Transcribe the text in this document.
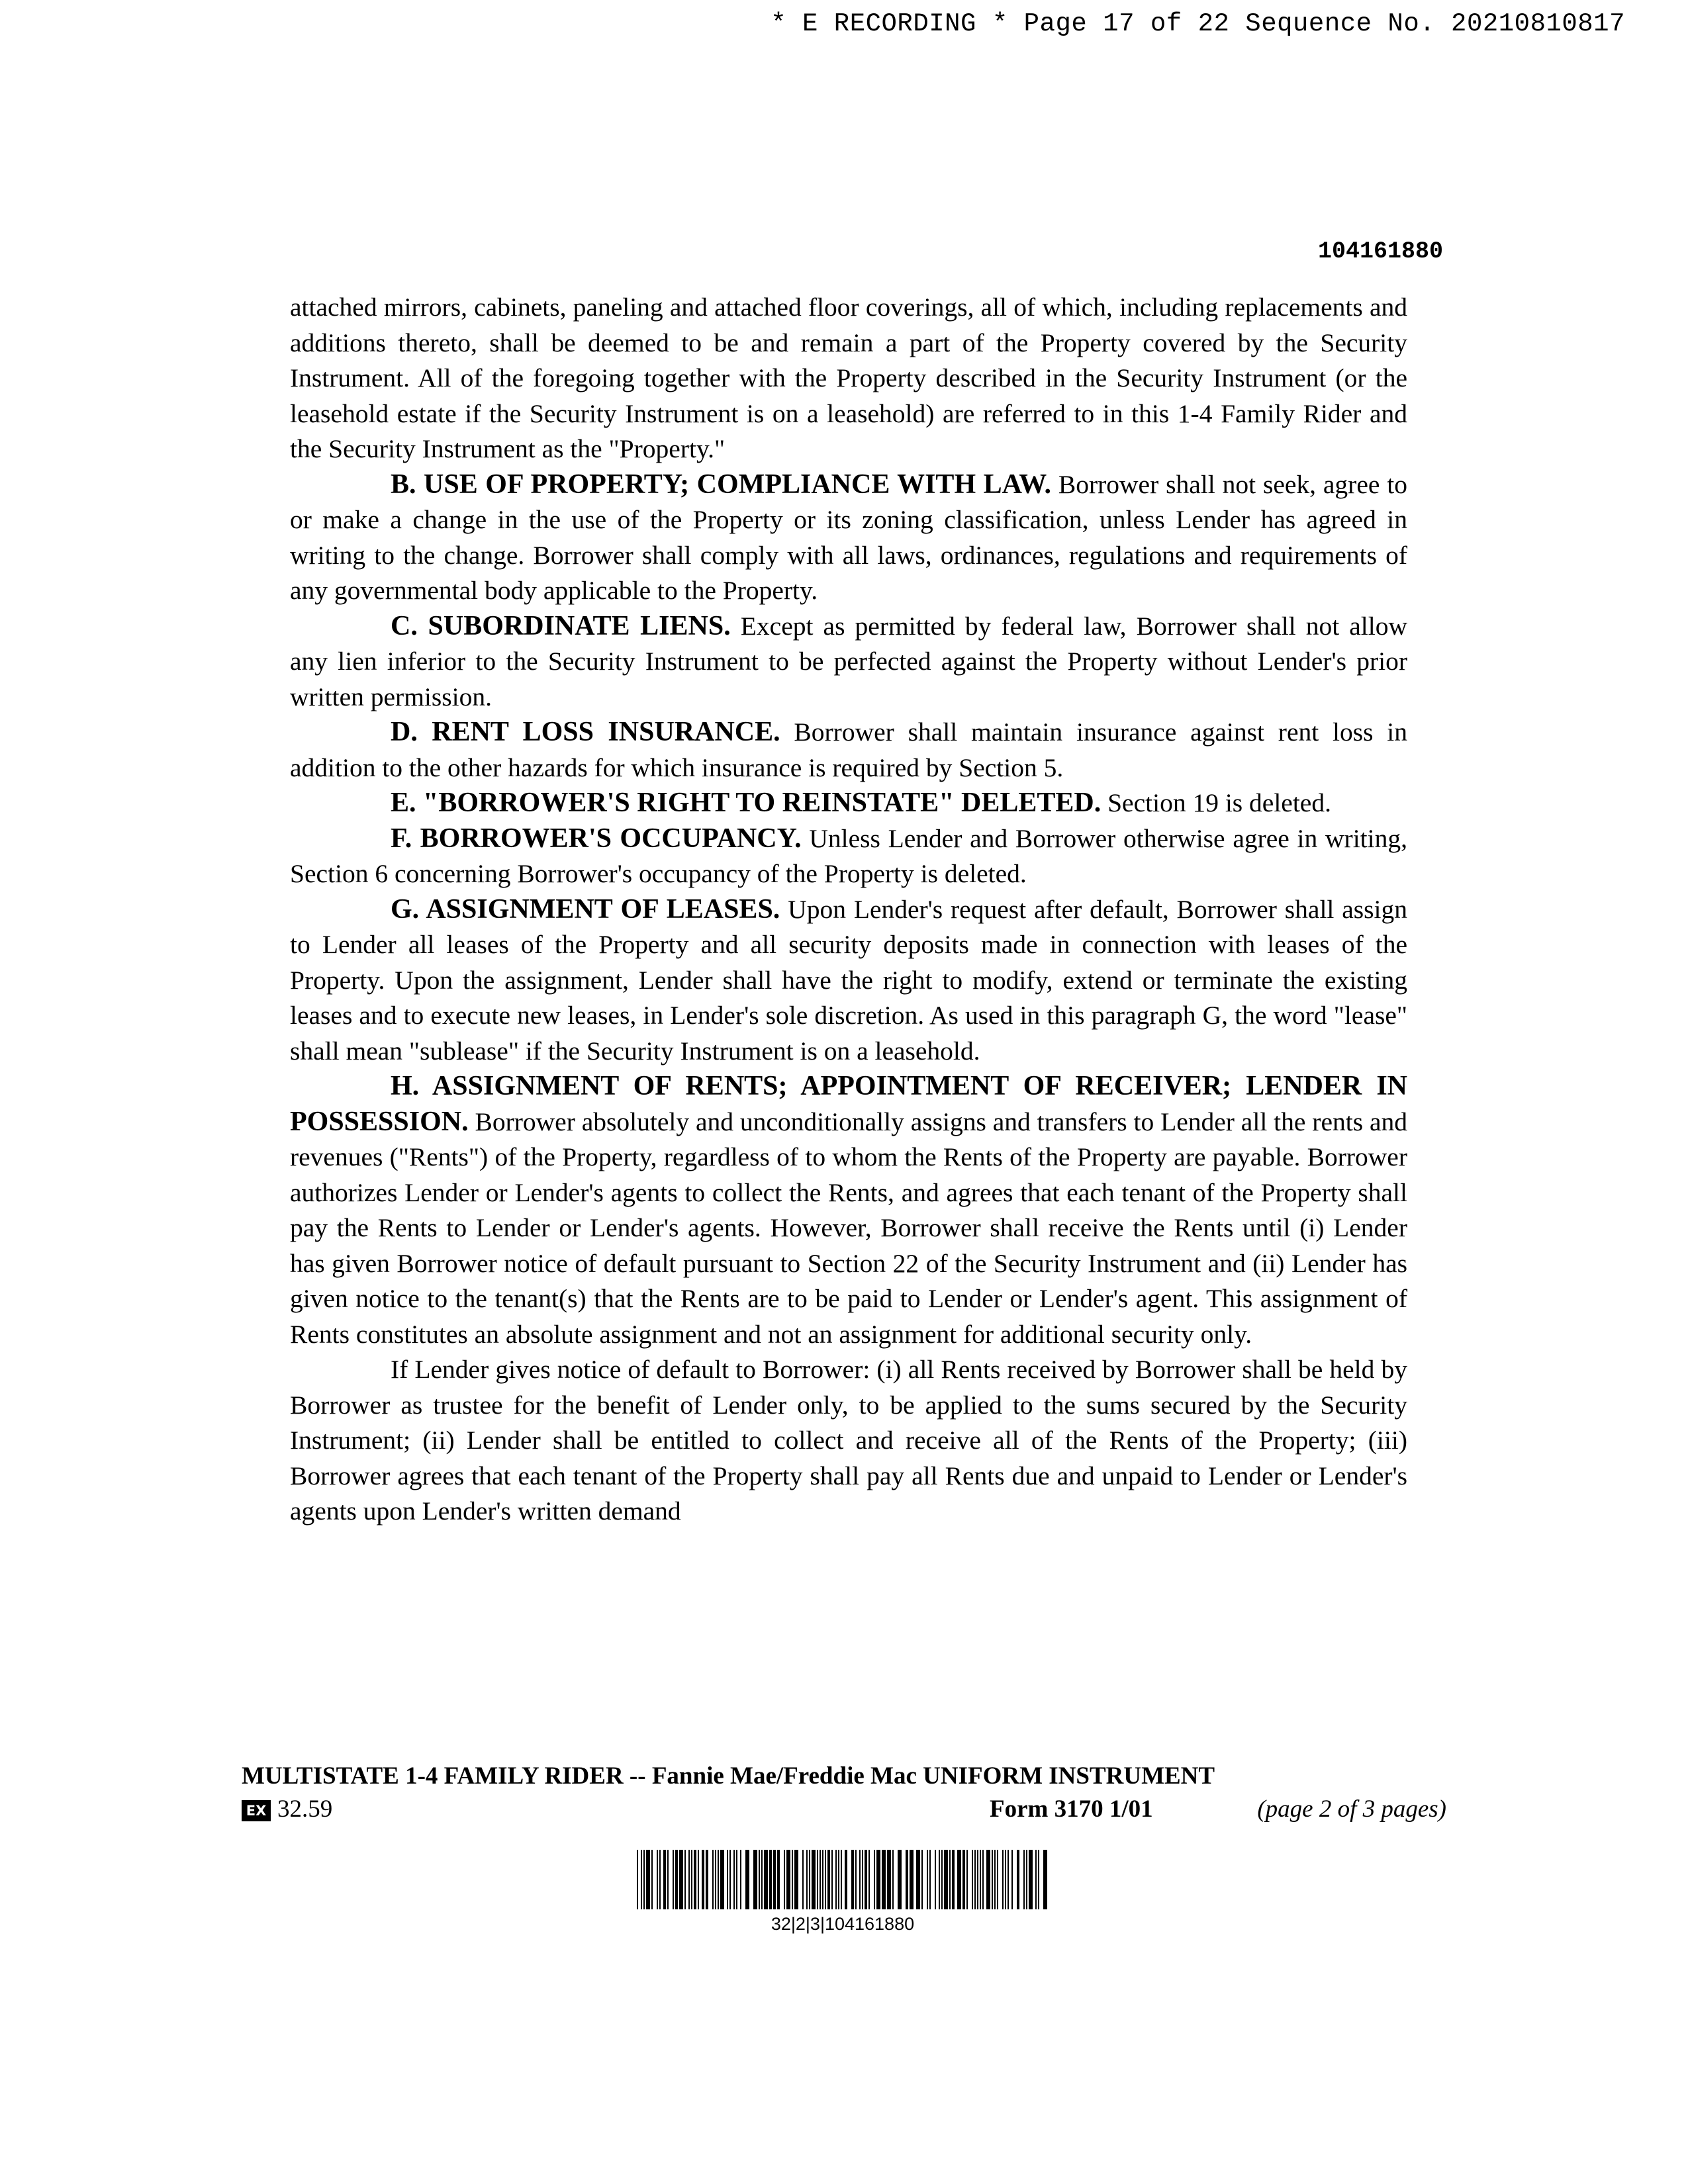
* E RECORDING * Page 17 of 22 Sequence No. 20210810817
104161880

attached mirrors, cabinets, paneling and attached floor coverings, all of which, including replacements and additions thereto, shall be deemed to be and remain a part of the Property covered by the Security Instrument. All of the foregoing together with the Property described in the Security Instrument (or the leasehold estate if the Security Instrument is on a leasehold) are referred to in this 1-4 Family Rider and the Security Instrument as the "Property."

B. USE OF PROPERTY; COMPLIANCE WITH LAW. Borrower shall not seek, agree to or make a change in the use of the Property or its zoning classification, unless Lender has agreed in writing to the change. Borrower shall comply with all laws, ordinances, regulations and requirements of any governmental body applicable to the Property.

C. SUBORDINATE LIENS. Except as permitted by federal law, Borrower shall not allow any lien inferior to the Security Instrument to be perfected against the Property without Lender's prior written permission.

D. RENT LOSS INSURANCE. Borrower shall maintain insurance against rent loss in addition to the other hazards for which insurance is required by Section 5.

E. "BORROWER'S RIGHT TO REINSTATE" DELETED. Section 19 is deleted.

F. BORROWER'S OCCUPANCY. Unless Lender and Borrower otherwise agree in writing, Section 6 concerning Borrower's occupancy of the Property is deleted.

G. ASSIGNMENT OF LEASES. Upon Lender's request after default, Borrower shall assign to Lender all leases of the Property and all security deposits made in connection with leases of the Property. Upon the assignment, Lender shall have the right to modify, extend or terminate the existing leases and to execute new leases, in Lender's sole discretion. As used in this paragraph G, the word "lease" shall mean "sublease" if the Security Instrument is on a leasehold.

H. ASSIGNMENT OF RENTS; APPOINTMENT OF RECEIVER; LENDER IN POSSESSION. Borrower absolutely and unconditionally assigns and transfers to Lender all the rents and revenues ("Rents") of the Property, regardless of to whom the Rents of the Property are payable. Borrower authorizes Lender or Lender's agents to collect the Rents, and agrees that each tenant of the Property shall pay the Rents to Lender or Lender's agents. However, Borrower shall receive the Rents until (i) Lender has given Borrower notice of default pursuant to Section 22 of the Security Instrument and (ii) Lender has given notice to the tenant(s) that the Rents are to be paid to Lender or Lender's agent. This assignment of Rents constitutes an absolute assignment and not an assignment for additional security only.

If Lender gives notice of default to Borrower: (i) all Rents received by Borrower shall be held by Borrower as trustee for the benefit of Lender only, to be applied to the sums secured by the Security Instrument; (ii) Lender shall be entitled to collect and receive all of the Rents of the Property; (iii) Borrower agrees that each tenant of the Property shall pay all Rents due and unpaid to Lender or Lender's agents upon Lender's written demand

MULTISTATE 1-4 FAMILY RIDER -- Fannie Mae/Freddie Mac UNIFORM INSTRUMENT
EX 32.59	Form 3170 1/01	(page 2 of 3 pages)
32|2|3|104161880
